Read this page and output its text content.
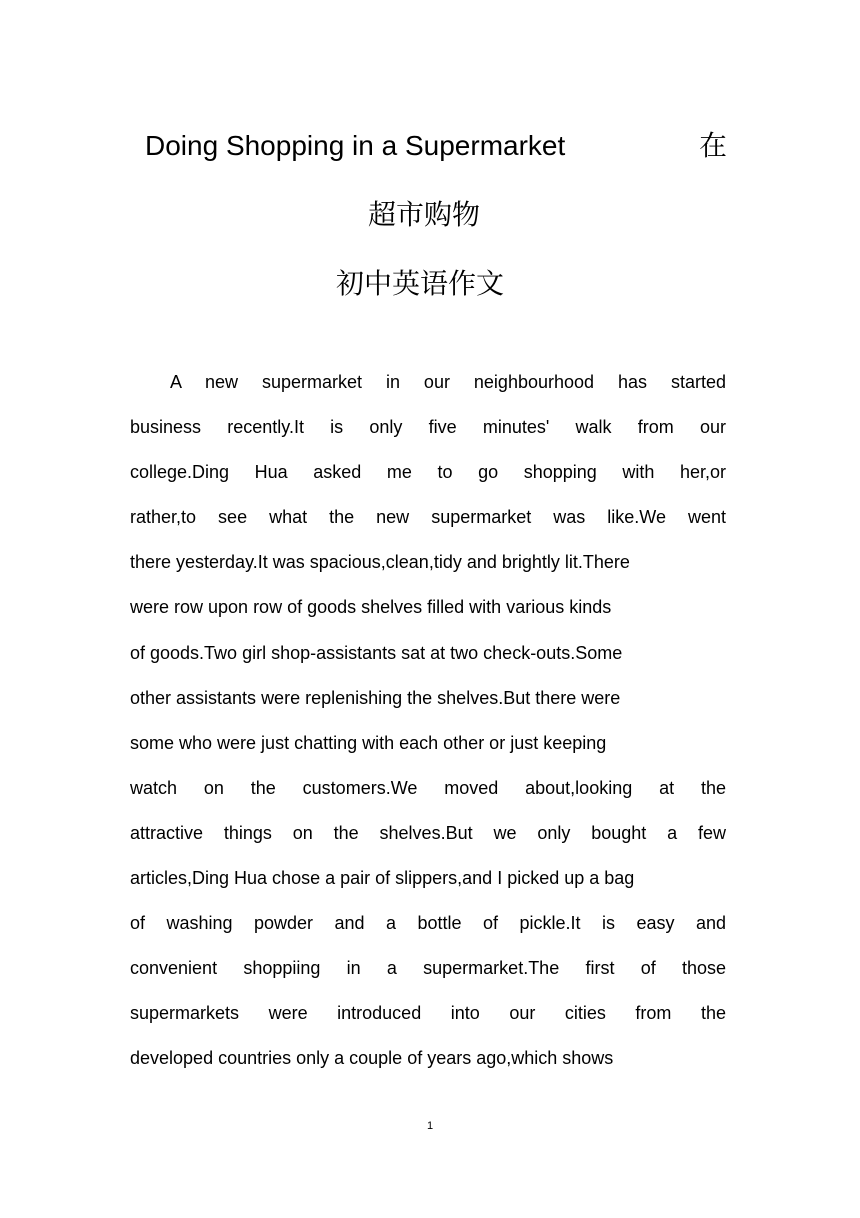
Doing Shopping in a Supermarket	在
超市购物
初中英语作文
A new supermarket in our neighbourhood has started
business recently.It is only five minutes' walk from our
college.Ding Hua asked me to go shopping with her,or
rather,to see what the new supermarket was like.We went
there yesterday.It was spacious,clean,tidy and brightly lit.There
were row upon row of goods shelves filled with various kinds
of goods.Two girl shop-assistants sat at two check-outs.Some
other assistants were replenishing the shelves.But there were
some who were just chatting with each other or just keeping
watch on the customers.We moved about,looking at the
attractive things on the shelves.But we only bought a few
articles,Ding Hua chose a pair of slippers,and I picked up a bag
of washing powder and a bottle of pickle.It is easy and
convenient shoppiing in a supermarket.The first of those
supermarkets were introduced into our cities from the
developed countries only a couple of years ago,which shows
1
